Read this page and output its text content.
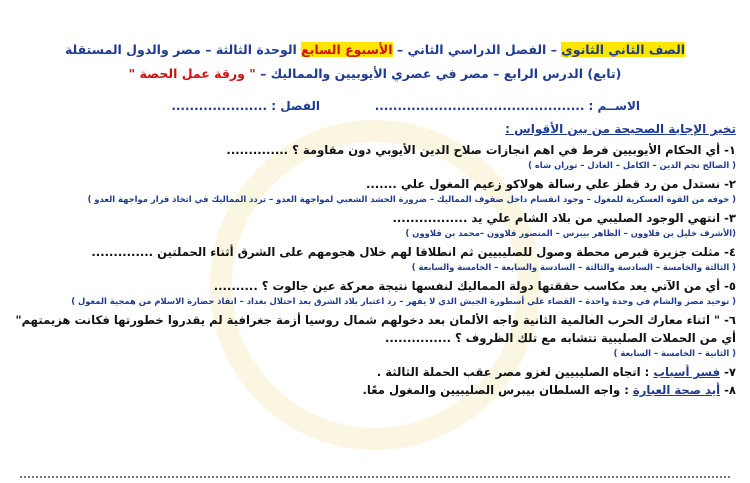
الصف الثاني الثانوي – الفصل الدراسي الثاني – الأسبوع السابع الوحدة الثالثة – مصر والدول المستقلة
(تابع) الدرس الرابع – مصر في عصري الأيوبيين والمماليك – " ورقة عمل الحصة "
الاســم : ..............................................
الفصل : .....................
تخير الإجابة الصحيحة من بين الأقواس :
١- أي الحكام الأيوبيين فرط في اهم انجازات صلاح الدين الأيوبي دون مقاومة ؟ ..............
( الصالح نجم الدين – الكامل – العادل – توران شاه )
٢- نستدل من رد قطز علي رسالة هولاكو زعيم المغول علي .......
( خوفه من القوة العسكرية للمغول – وجود انقسام داخل صفوف المماليك – ضرورة الحشد الشعبي لمواجهة العدو – تردد المماليك في اتخاذ قرار مواجهة العدو )
٣- انتهي الوجود الصليبي من بلاد الشام علي يد .................
(الأشرف خليل بن قلاوون – الظاهر بيبرس – المنصور قلاوون –محمد بن قلاوون )
٤- مثلت جزيرة قبرص محطة وصول للصليبيين ثم انطلاقا لهم خلال هجومهم على الشرق أثناء الحملتين ..............
( الثالثة والخامسة – السادسة والثالثة – السادسة والسابعة – الخامسة والسابعة )
٥- أي من الآتي يعد مكاسب حققتها دولة المماليك لنفسها نتيجة معركة عين جالوت ؟ ..........
( توحيد مصر والشام في وحدة واحدة – القضاء علي أسطورة الجيش الذي لا يقهر – رد اعتبار بلاد الشرق بعد احتلال بغداد – انقاذ حضارة الاسلام من همجية المغول )
٦- " اثناء معارك الحرب العالمية الثانية واجه الألمان بعد دخولهم شمال روسيا أزمة جغرافية لم يقدروا خطورتها فكانت هزيمتهم"
أي من الحملات الصليبية تتشابه مع تلك الظروف ؟ ...............
( الثانية – الخامسة – السابعة )
٧- فسر أسباب : اتجاه الصليبيين لغزو مصر عقب الحملة الثالثة .
٨- أيد صحة العبارة : واجه السلطان بيبرس الصليبيين والمغول معًا.
